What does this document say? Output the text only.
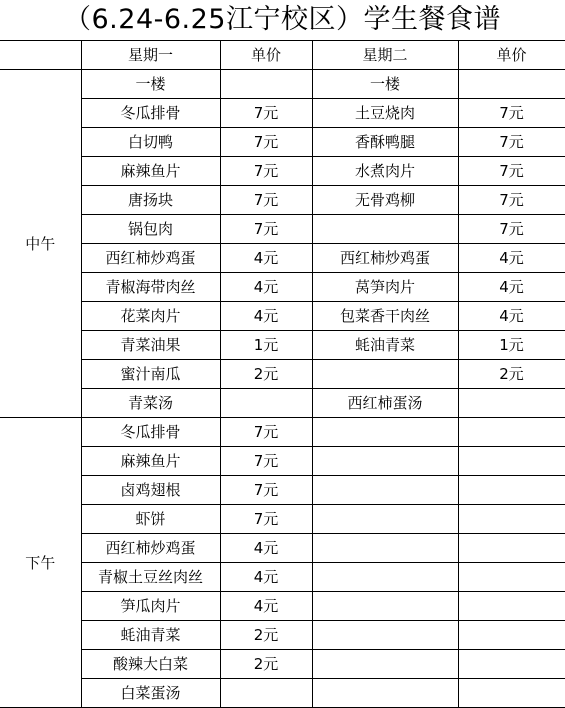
（6.24-6.25江宁校区）学生餐食谱
	星期一	单价	星期二	单价
中午	一楼		一楼	
	冬瓜排骨	7元	土豆烧肉	7元
	白切鸭	7元	香酥鸭腿	7元
	麻辣鱼片	7元	水煮肉片	7元
	唐扬块	7元	无骨鸡柳	7元
	锅包肉	7元		7元
	西红柿炒鸡蛋	4元	西红柿炒鸡蛋	4元
	青椒海带肉丝	4元	莴笋肉片	4元
	花菜肉片	4元	包菜香干肉丝	4元
	青菜油果	1元	蚝油青菜	1元
	蜜汁南瓜	2元		2元
	青菜汤		西红柿蛋汤	
下午	冬瓜排骨	7元		
	麻辣鱼片	7元		
	卤鸡翅根	7元		
	虾饼	7元		
	西红柿炒鸡蛋	4元		
	青椒土豆丝肉丝	4元		
	笋瓜肉片	4元		
	蚝油青菜	2元		
	酸辣大白菜	2元		
	白菜蛋汤			
